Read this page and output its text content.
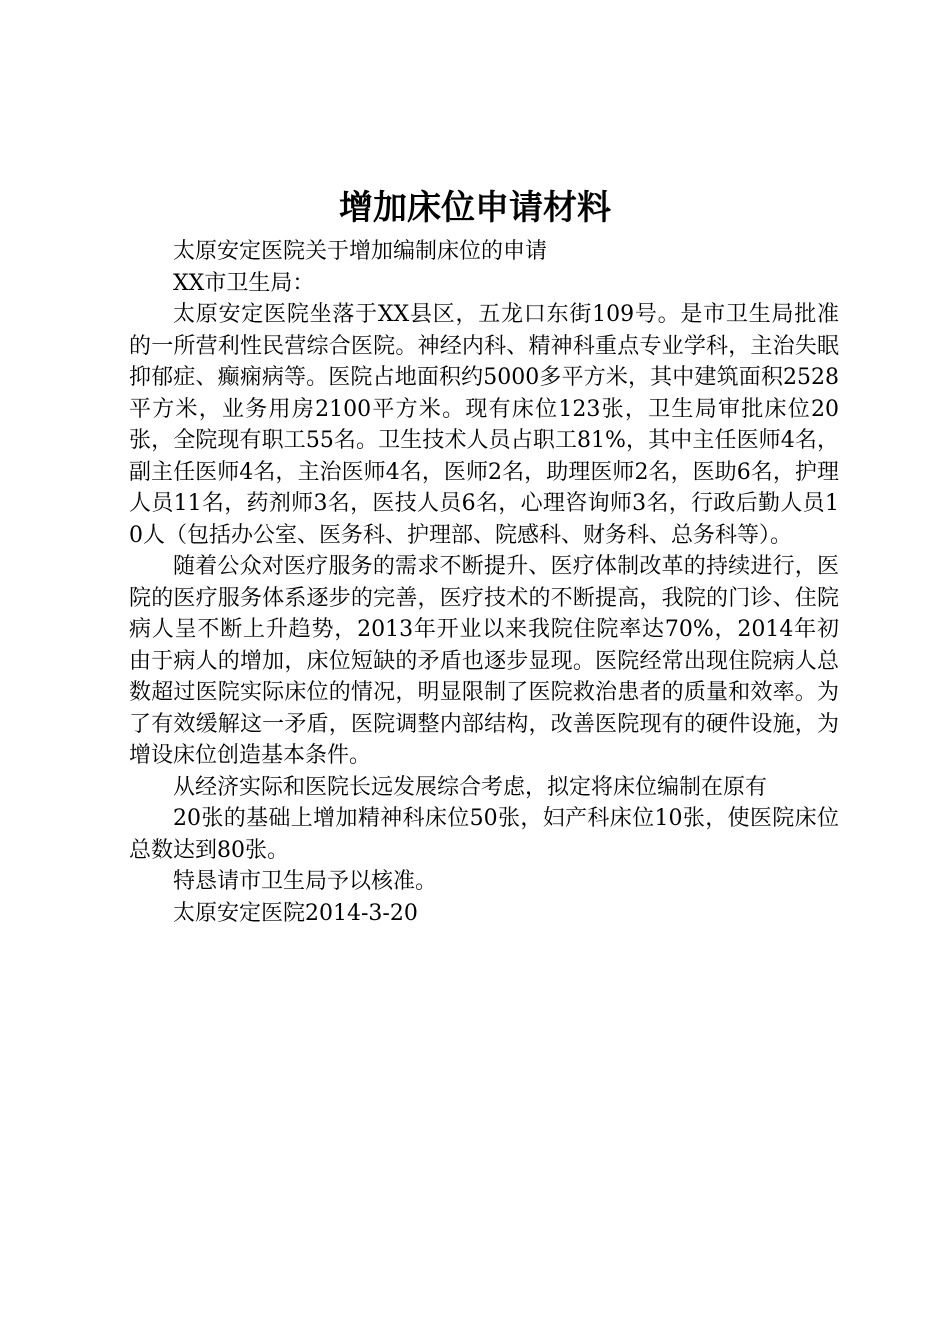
增加床位申请材料

太原安定医院关于增加编制床位的申请

XX市卫生局：

太原安定医院坐落于XX县区，五龙口东街109号。是市卫生局批准的一所营利性民营综合医院。神经内科、精神科重点专业学科，主治失眠抑郁症、癫痫病等。医院占地面积约5000多平方米，其中建筑面积2528平方米，业务用房2100平方米。现有床位123张，卫生局审批床位20张，全院现有职工55名。卫生技术人员占职工81%，其中主任医师4名，副主任医师4名，主治医师4名，医师2名，助理医师2名，医助6名，护理人员11名，药剂师3名，医技人员6名，心理咨询师3名，行政后勤人员10人（包括办公室、医务科、护理部、院感科、财务科、总务科等）。

随着公众对医疗服务的需求不断提升、医疗体制改革的持续进行，医院的医疗服务体系逐步的完善，医疗技术的不断提高，我院的门诊、住院病人呈不断上升趋势，2013年开业以来我院住院率达70%，2014年初由于病人的增加，床位短缺的矛盾也逐步显现。医院经常出现住院病人总数超过医院实际床位的情况，明显限制了医院救治患者的质量和效率。为了有效缓解这一矛盾，医院调整内部结构，改善医院现有的硬件设施，为增设床位创造基本条件。

从经济实际和医院长远发展综合考虑，拟定将床位编制在原有

20张的基础上增加精神科床位50张，妇产科床位10张，使医院床位总数达到80张。

特恳请市卫生局予以核准。

太原安定医院2014-3-20
